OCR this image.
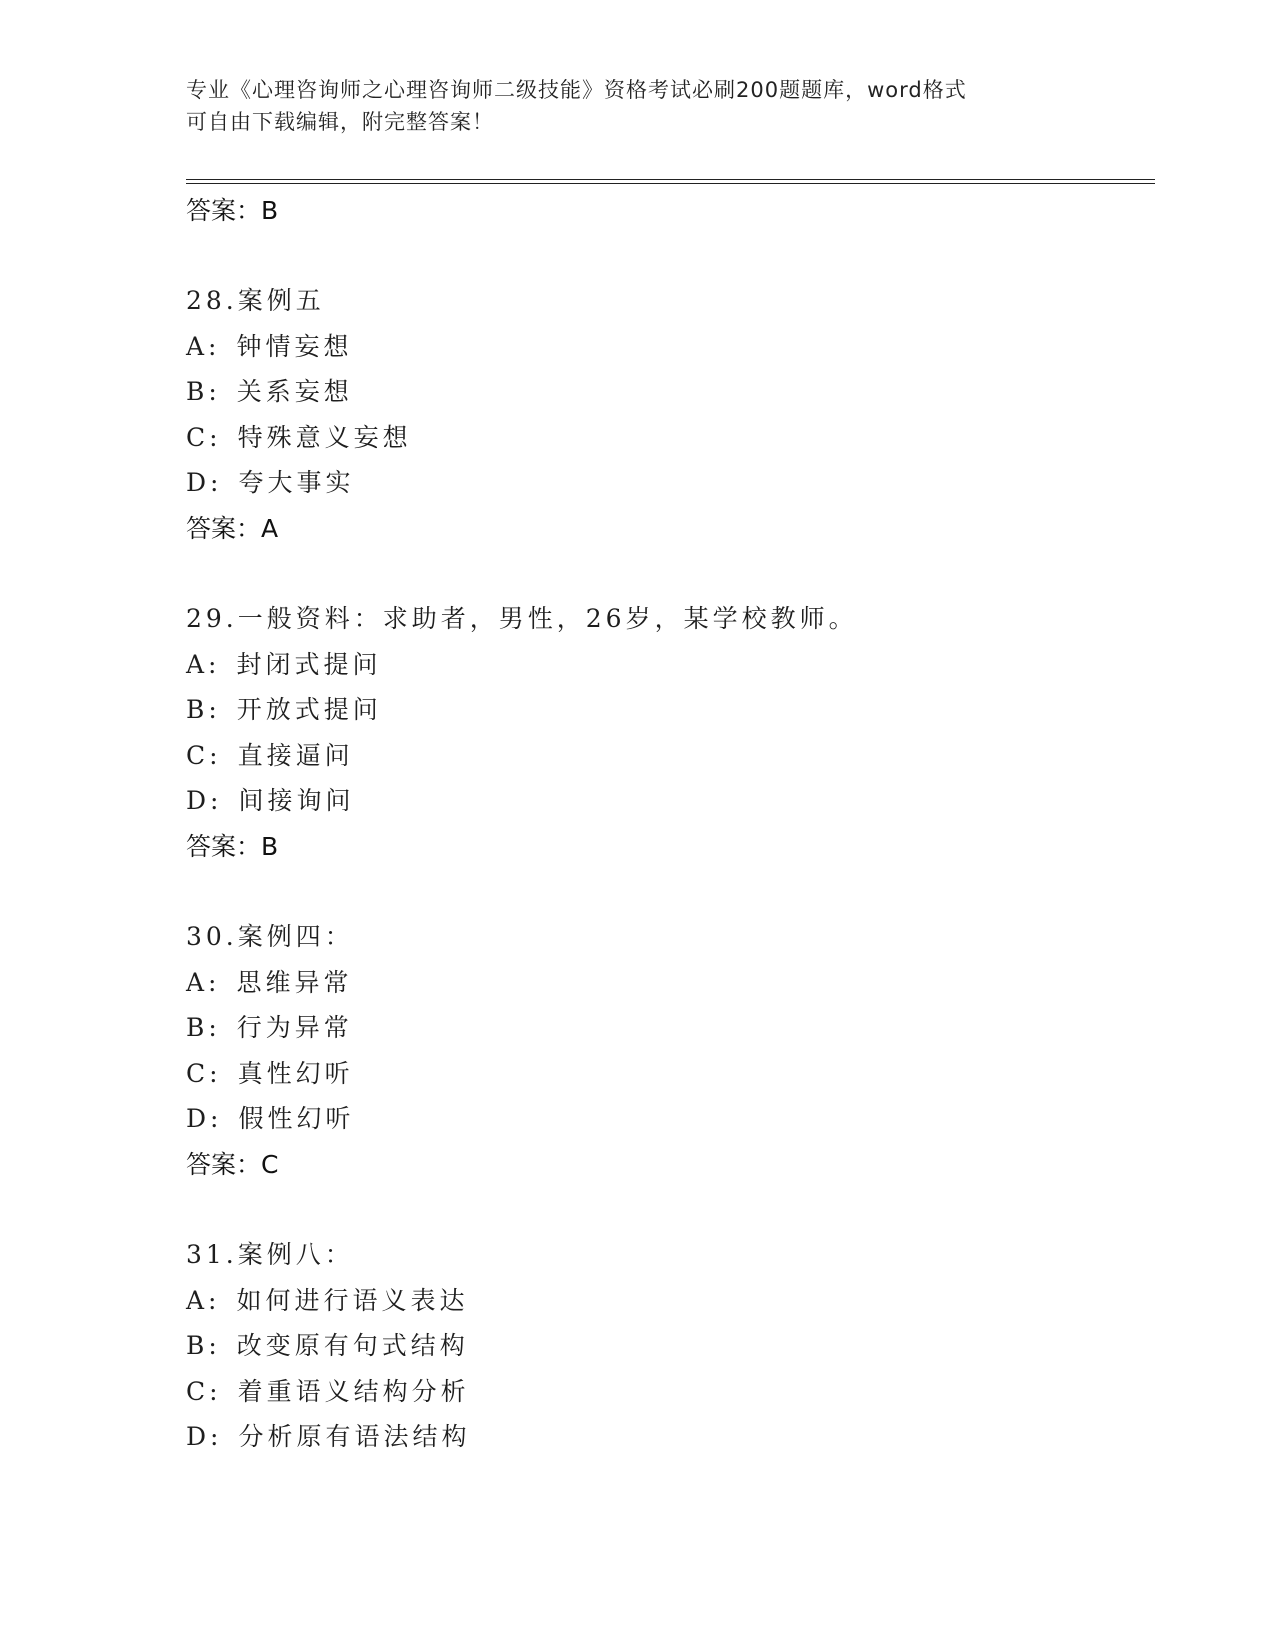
专业《心理咨询师之心理咨询师二级技能》资格考试必刷200题题库，word格式
可自由下载编辑，附完整答案！
答案：B
28.案例五
A: 钟情妄想
B: 关系妄想
C: 特殊意义妄想
D: 夸大事实
答案：A
29.一般资料：求助者，男性，26岁，某学校教师。
A: 封闭式提问
B: 开放式提问
C: 直接逼问
D: 间接询问
答案：B
30.案例四：
A: 思维异常
B: 行为异常
C: 真性幻听
D: 假性幻听
答案：C
31.案例八：
A: 如何进行语义表达
B: 改变原有句式结构
C: 着重语义结构分析
D: 分析原有语法结构
